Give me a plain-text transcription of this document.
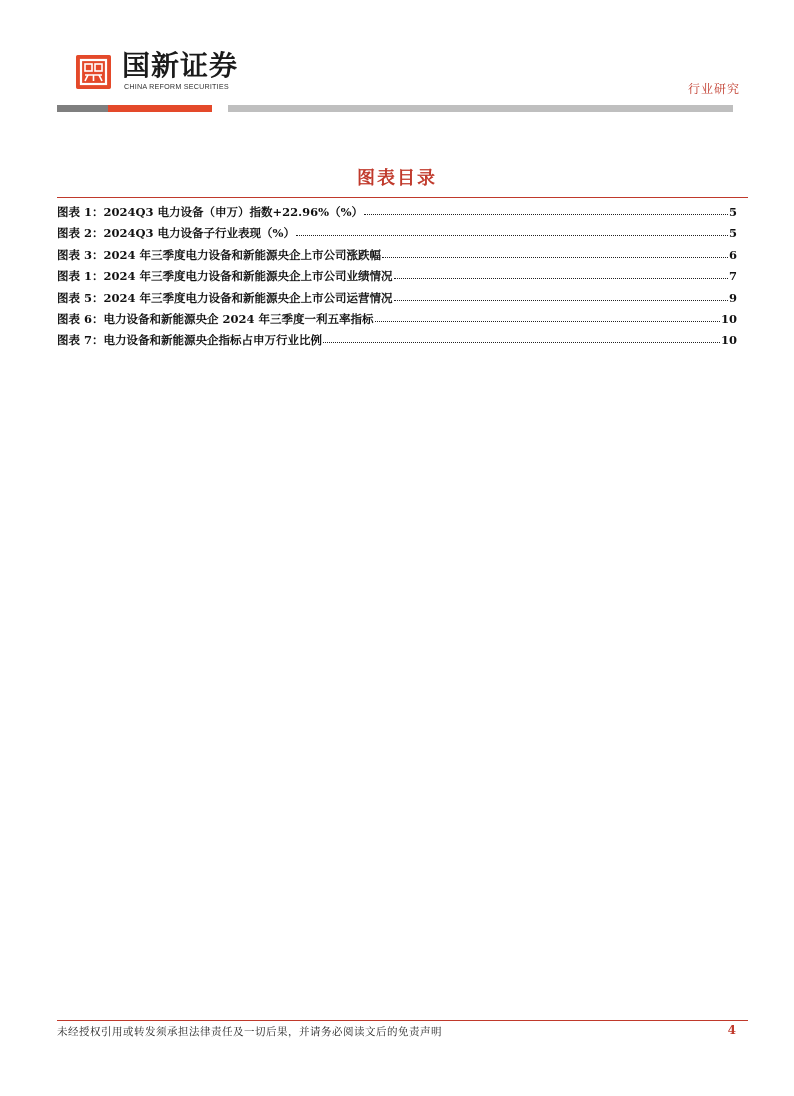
国新证券
CHINA REFORM SECURITIES	行业研究
图表目录
图表 1：2024Q3 电力设备（申万）指数+22.96%（%）	5
图表 2：2024Q3 电力设备子行业表现（%）	5
图表 3：2024 年三季度电力设备和新能源央企上市公司涨跌幅	6
图表 1：2024 年三季度电力设备和新能源央企上市公司业绩情况	7
图表 5：2024 年三季度电力设备和新能源央企上市公司运营情况	9
图表 6：电力设备和新能源央企 2024 年三季度一利五率指标	10
图表 7：电力设备和新能源央企指标占申万行业比例	10
未经授权引用或转发须承担法律责任及一切后果，并请务必阅读文后的免责声明	4
